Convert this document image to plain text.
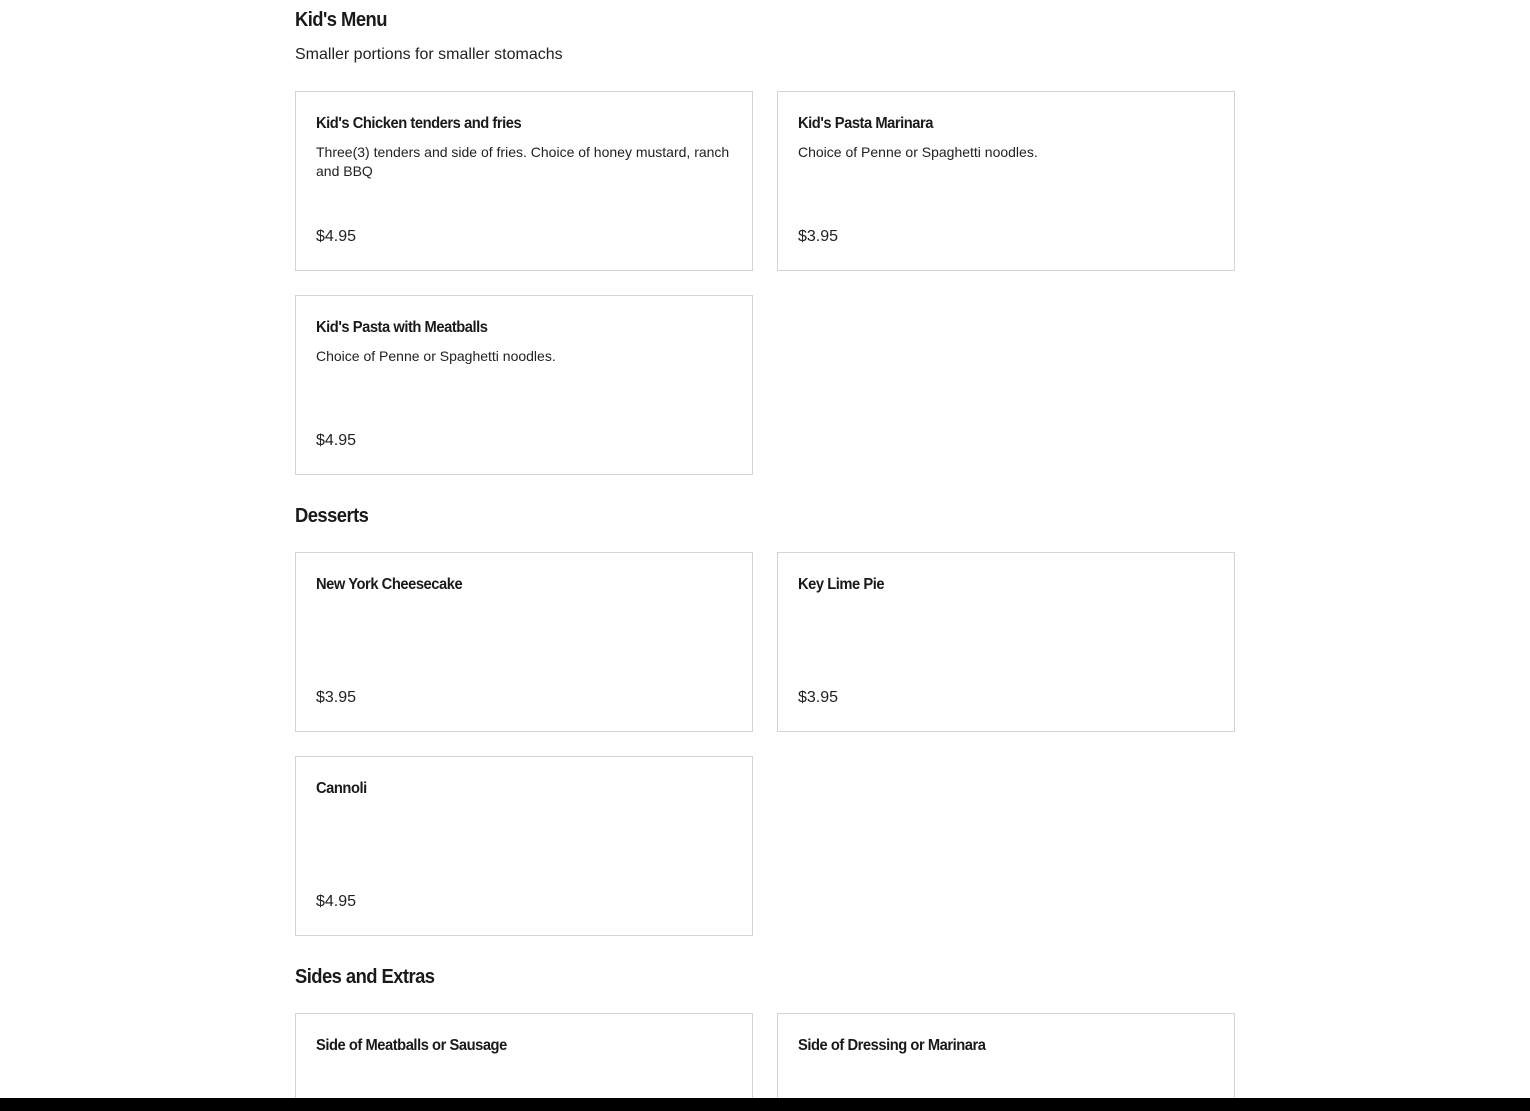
Kid's Menu

Smaller portions for smaller stomachs

Kid's Chicken tenders and fries

Three(3) tenders and side of fries. Choice of honey mustard, ranch and BBQ

$4.95

Kid's Pasta Marinara

Choice of Penne or Spaghetti noodles.

$3.95

Kid's Pasta with Meatballs

Choice of Penne or Spaghetti noodles.

$4.95

Desserts
New York Cheesecake

$3.95

Key Lime Pie

$3.95

Cannoli

$4.95

Sides and Extras
Side of Meatballs or Sausage	Side of Dressing or Marinara
